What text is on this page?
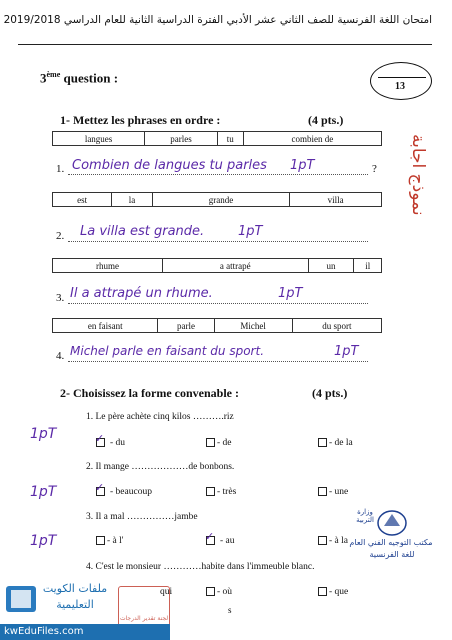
امتحان اللغة الفرنسية للصف الثاني عشر الأدبي الفترة الدراسية الثانية للعام الدراسي 2019/2018
3ème question :
13
نموذج اجابة
1- Mettez les phrases en ordre :	(4 pts.)
langues	parles	tu	combien de
1. Combien de langues tu parles 1pT	?
est	la	grande	villa
2. La villa est grande.	1pT
rhume	a attrapé	un	il
3. Il a attrapé un rhume.	1pT
en faisant	parle	Michel	du sport
4. Michel parle en faisant du sport.	1pT
2- Choisissez la forme convenable :	(4 pts.)
1. Le père achète cinq kilos ……….riz
1pT	✓ - du	- de	- de la
2. Il mange ………………de bonbons.
1pT	✓ - beaucoup	- très	- une
3. Il a mal ……………jambe
1pT	- à l'	✓ - au	- à la
4. C'est le monsieur …………habite dans l'immeuble blanc.
qui	- où	- que
s
وزارة التربية
مكتب التوجيه الفني العام
للغة الفرنسية
ملفات الكويت
التعليمية
لجنة تقدير الدرجات
kwEduFiles.com
